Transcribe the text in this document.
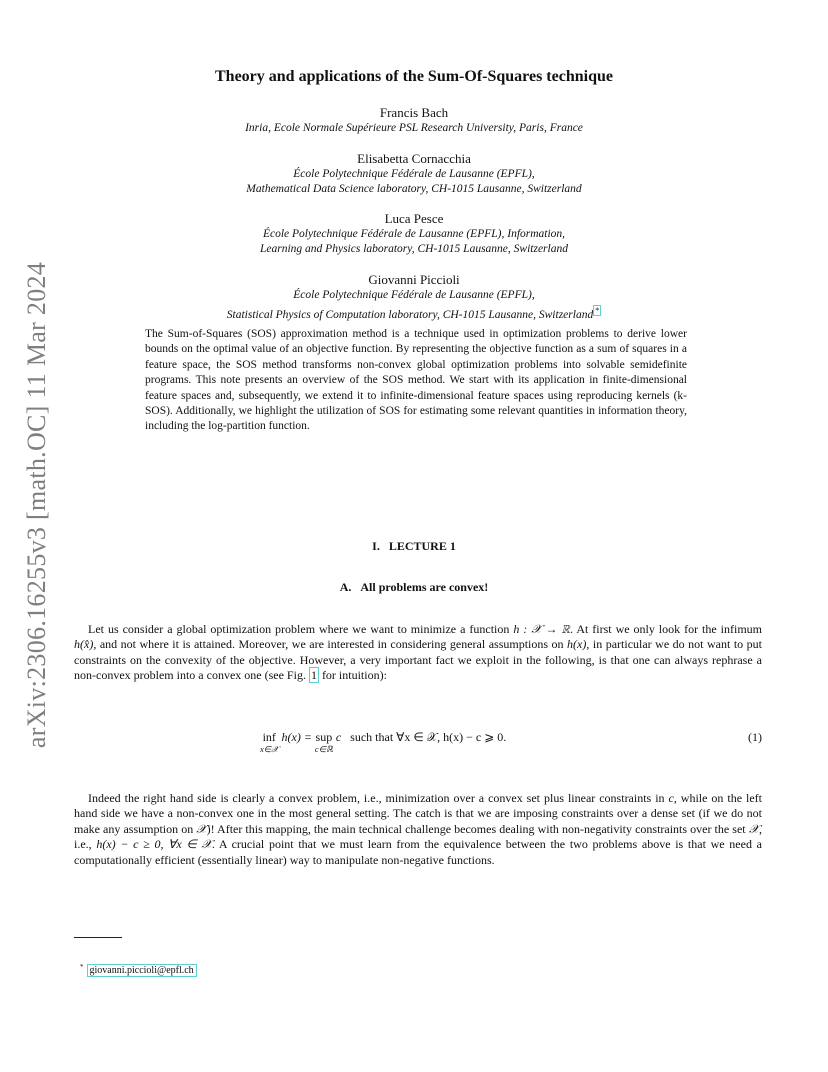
arXiv:2306.16255v3 [math.OC] 11 Mar 2024
Theory and applications of the Sum-Of-Squares technique
Francis Bach
Inria, Ecole Normale Supérieure PSL Research University, Paris, France
Elisabetta Cornacchia
École Polytechnique Fédérale de Lausanne (EPFL),
Mathematical Data Science laboratory, CH-1015 Lausanne, Switzerland
Luca Pesce
École Polytechnique Fédérale de Lausanne (EPFL), Information,
Learning and Physics laboratory, CH-1015 Lausanne, Switzerland
Giovanni Piccioli
École Polytechnique Fédérale de Lausanne (EPFL),
Statistical Physics of Computation laboratory, CH-1015 Lausanne, Switzerland *
The Sum-of-Squares (SOS) approximation method is a technique used in optimization problems to derive lower bounds on the optimal value of an objective function. By representing the objective function as a sum of squares in a feature space, the SOS method transforms non-convex global optimization problems into solvable semidefinite programs. This note presents an overview of the SOS method. We start with its application in finite-dimensional feature spaces and, subsequently, we extend it to infinite-dimensional feature spaces using reproducing kernels (k-SOS). Additionally, we highlight the utilization of SOS for estimating some relevant quantities in information theory, including the log-partition function.
I. LECTURE 1
A. All problems are convex!

Let us consider a global optimization problem where we want to minimize a function h : 𝒳 → ℝ. At first we only look for the infimum h(x̂), and not where it is attained. Moreover, we are interested in considering general assumptions on h(x), in particular we do not want to put constraints on the convexity of the objective. However, a very important fact we exploit in the following, is that one can always rephrase a non-convex problem into a convex one (see Fig. 1 for intuition):

inf
x∈𝒳
h(x) = sup
c∈ℝ
c such that ∀x ∈ 𝒳, h(x) − c ⩾ 0.	(1)

Indeed the right hand side is clearly a convex problem, i.e., minimization over a convex set plus linear constraints in c, while on the left hand side we have a non-convex one in the most general setting. The catch is that we are imposing constraints over a dense set (if we do not make any assumption on 𝒳)! After this mapping, the main technical challenge becomes dealing with non-negativity constraints over the set 𝒳, i.e., h(x) − c ≥ 0, ∀x ∈ 𝒳. A crucial point that we must learn from the equivalence between the two problems above is that we need a computationally efficient (essentially linear) way to manipulate non-negative functions.

* giovanni.piccioli@epfl.ch
